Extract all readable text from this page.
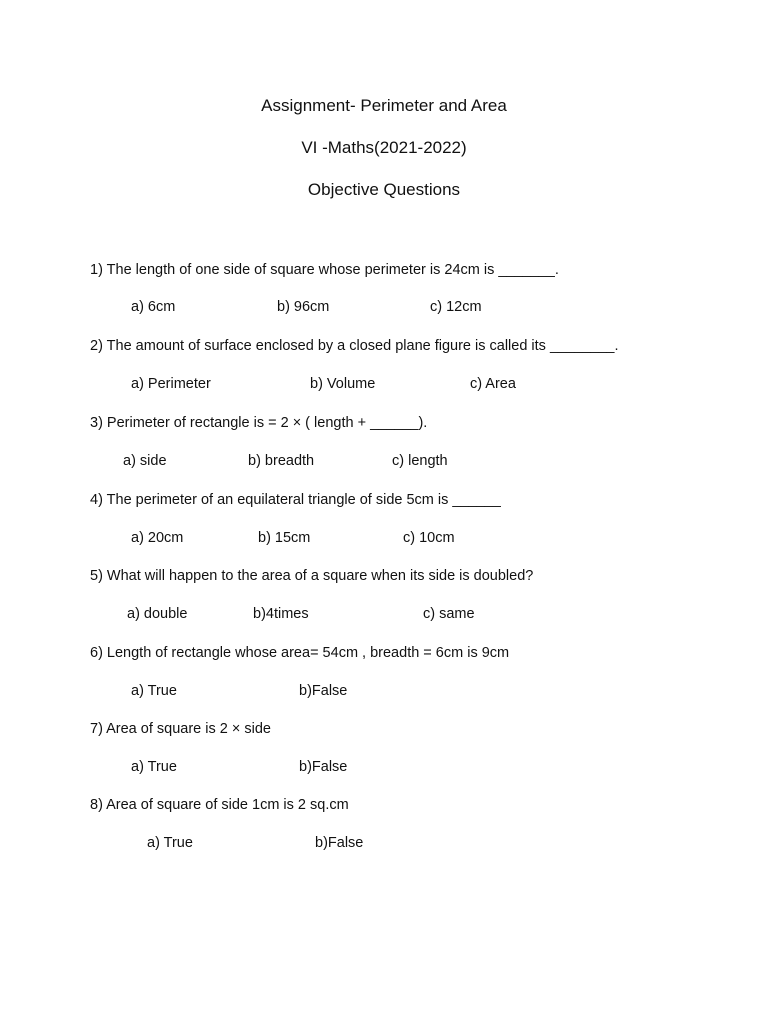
Assignment- Perimeter and Area
VI -Maths(2021-2022)
Objective Questions
1) The length of one side of square whose perimeter is 24cm is _______.
a) 6cm	b) 96cm	c) 12cm
2) The amount of surface enclosed by a closed plane figure is called its ________.
a) Perimeter	b) Volume	c) Area
3) Perimeter of rectangle is = 2 × ( length + ______).
a) side	b) breadth	c) length
4) The perimeter of an equilateral triangle of side 5cm is ______
a) 20cm	b) 15cm	c) 10cm
5) What will happen to the area of a square when its side is doubled?
a) double	b)4times	c) same
6) Length of rectangle whose area= 54cm , breadth = 6cm is 9cm
a) True	b)False
7) Area of square is 2 × side
a) True	b)False
8) Area of square of side 1cm is 2 sq.cm
a) True	b)False
